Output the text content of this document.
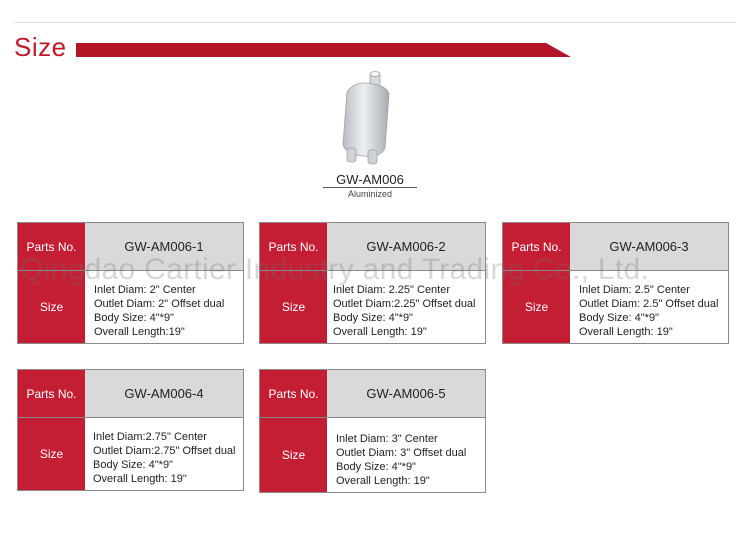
Size
GW-AM006
Aluminized
Parts No.	GW-AM006-1
Size
Inlet Diam: 2" Center
Outlet Diam: 2" Offset dual
Body Size: 4"*9"
Overall Length:19"
Parts No.	GW-AM006-2
Size
Inlet Diam: 2.25" Center
Outlet Diam:2.25" Offset dual
Body Size: 4"*9"
Overall Length: 19"
Parts No.	GW-AM006-3
Size
Inlet Diam: 2.5" Center
Outlet Diam: 2.5" Offset dual
Body Size: 4"*9"
Overall Length: 19"
Parts No.	GW-AM006-4
Size
Inlet Diam:2.75" Center
Outlet Diam:2.75" Offset dual
Body Size: 4"*9"
Overall Length: 19"
Parts No.	GW-AM006-5
Size
Inlet Diam: 3" Center
Outlet Diam: 3" Offset dual
Body Size: 4"*9"
Overall Length: 19"
Qingdao Cartier Industry and Trading Co., Ltd.
